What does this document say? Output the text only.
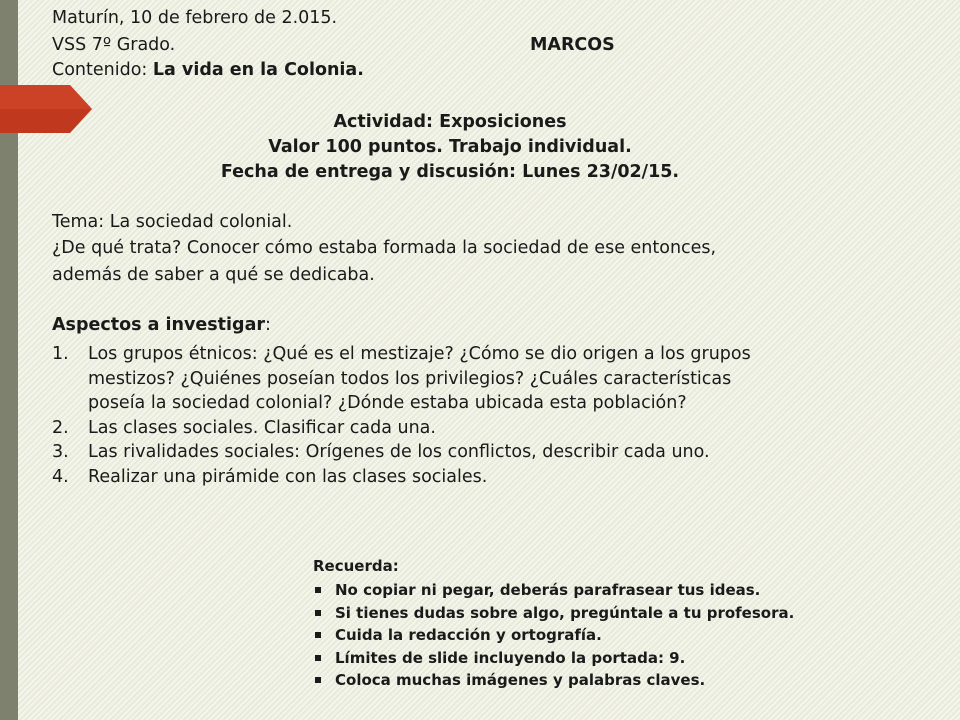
Maturín, 10 de febrero de 2.015.
VSS 7º Grado.	MARCOS
Contenido: La vida en la Colonia.
Actividad: Exposiciones
Valor 100 puntos. Trabajo individual.
Fecha de entrega y discusión: Lunes 23/02/15.
Tema: La sociedad colonial.
¿De qué trata? Conocer cómo estaba formada la sociedad de ese entonces,
además de saber a qué se dedicaba.
Aspectos a investigar:
1. Los grupos étnicos: ¿Qué es el mestizaje? ¿Cómo se dio origen a los grupos
mestizos? ¿Quiénes poseían todos los privilegios? ¿Cuáles características
poseía la sociedad colonial? ¿Dónde estaba ubicada esta población?
2. Las clases sociales. Clasificar cada una.
3. Las rivalidades sociales: Orígenes de los conflictos, describir cada uno.
4. Realizar una pirámide con las clases sociales.
Recuerda:
No copiar ni pegar, deberás parafrasear tus ideas.
Si tienes dudas sobre algo, pregúntale a tu profesora.
Cuida la redacción y ortografía.
Límites de slide incluyendo la portada: 9.
Coloca muchas imágenes y palabras claves.
